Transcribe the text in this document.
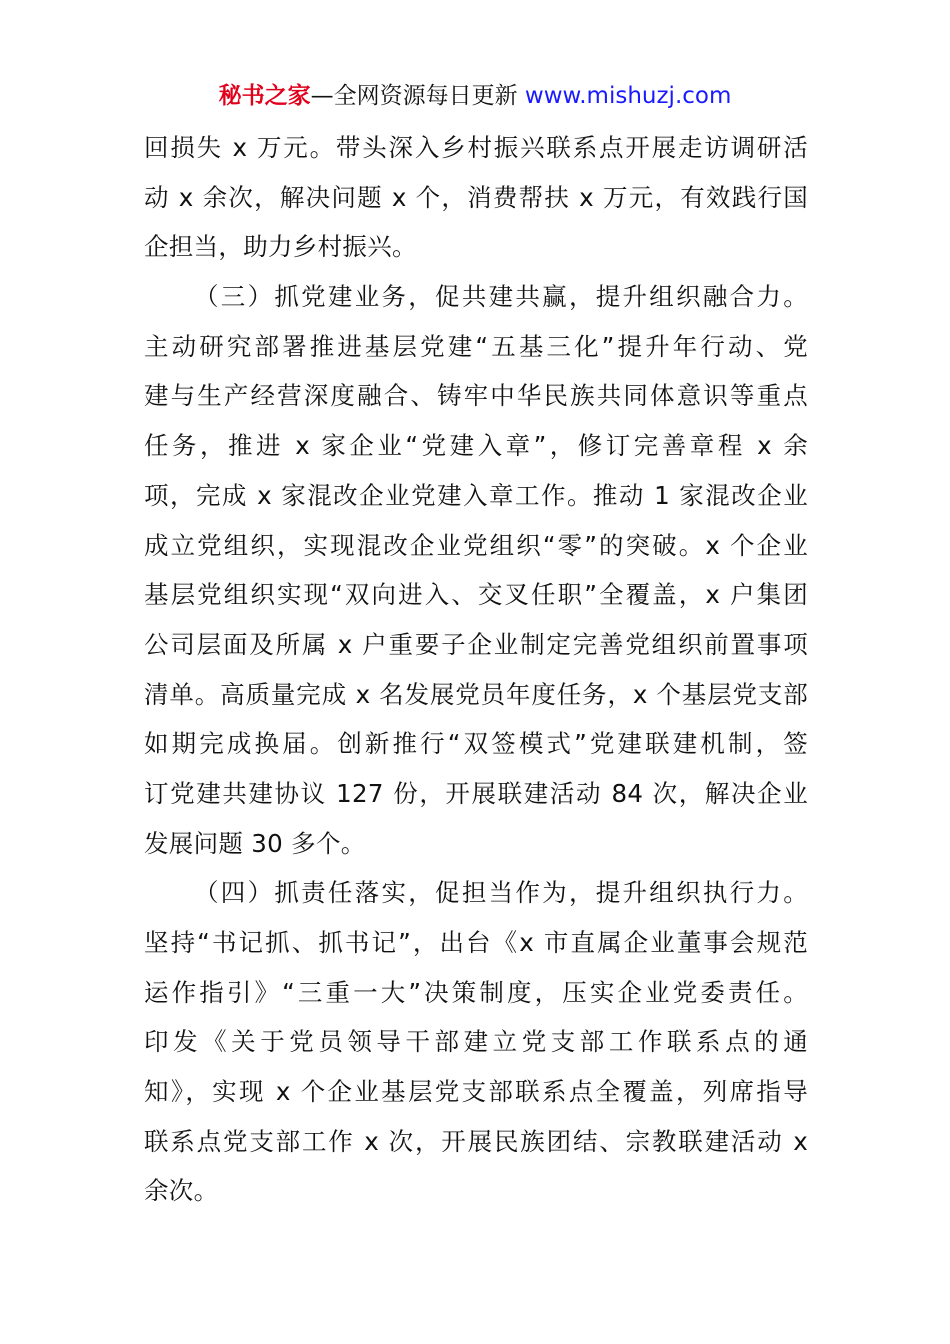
秘书之家—全网资源每日更新 www.mishuzj.com
回损失 x 万元。带头深入乡村振兴联系点开展走访调研活
动 x 余次，解决问题 x 个，消费帮扶 x 万元，有效践行国
企担当，助力乡村振兴。
（三）抓党建业务，促共建共赢，提升组织融合力。
主动研究部署推进基层党建“五基三化”提升年行动、党
建与生产经营深度融合、铸牢中华民族共同体意识等重点
任务，推进 x 家企业“党建入章”，修订完善章程 x 余
项，完成 x 家混改企业党建入章工作。推动 1 家混改企业
成立党组织，实现混改企业党组织“零”的突破。x 个企业
基层党组织实现“双向进入、交叉任职”全覆盖，x 户集团
公司层面及所属 x 户重要子企业制定完善党组织前置事项
清单。高质量完成 x 名发展党员年度任务，x 个基层党支部
如期完成换届。创新推行“双签模式”党建联建机制，签
订党建共建协议 127 份，开展联建活动 84 次，解决企业
发展问题 30 多个。
（四）抓责任落实，促担当作为，提升组织执行力。
坚持“书记抓、抓书记”，出台《x 市直属企业董事会规范
运作指引》“三重一大”决策制度，压实企业党委责任。
印发《关于党员领导干部建立党支部工作联系点的通
知》，实现 x 个企业基层党支部联系点全覆盖，列席指导
联系点党支部工作 x 次，开展民族团结、宗教联建活动 x
余次。
